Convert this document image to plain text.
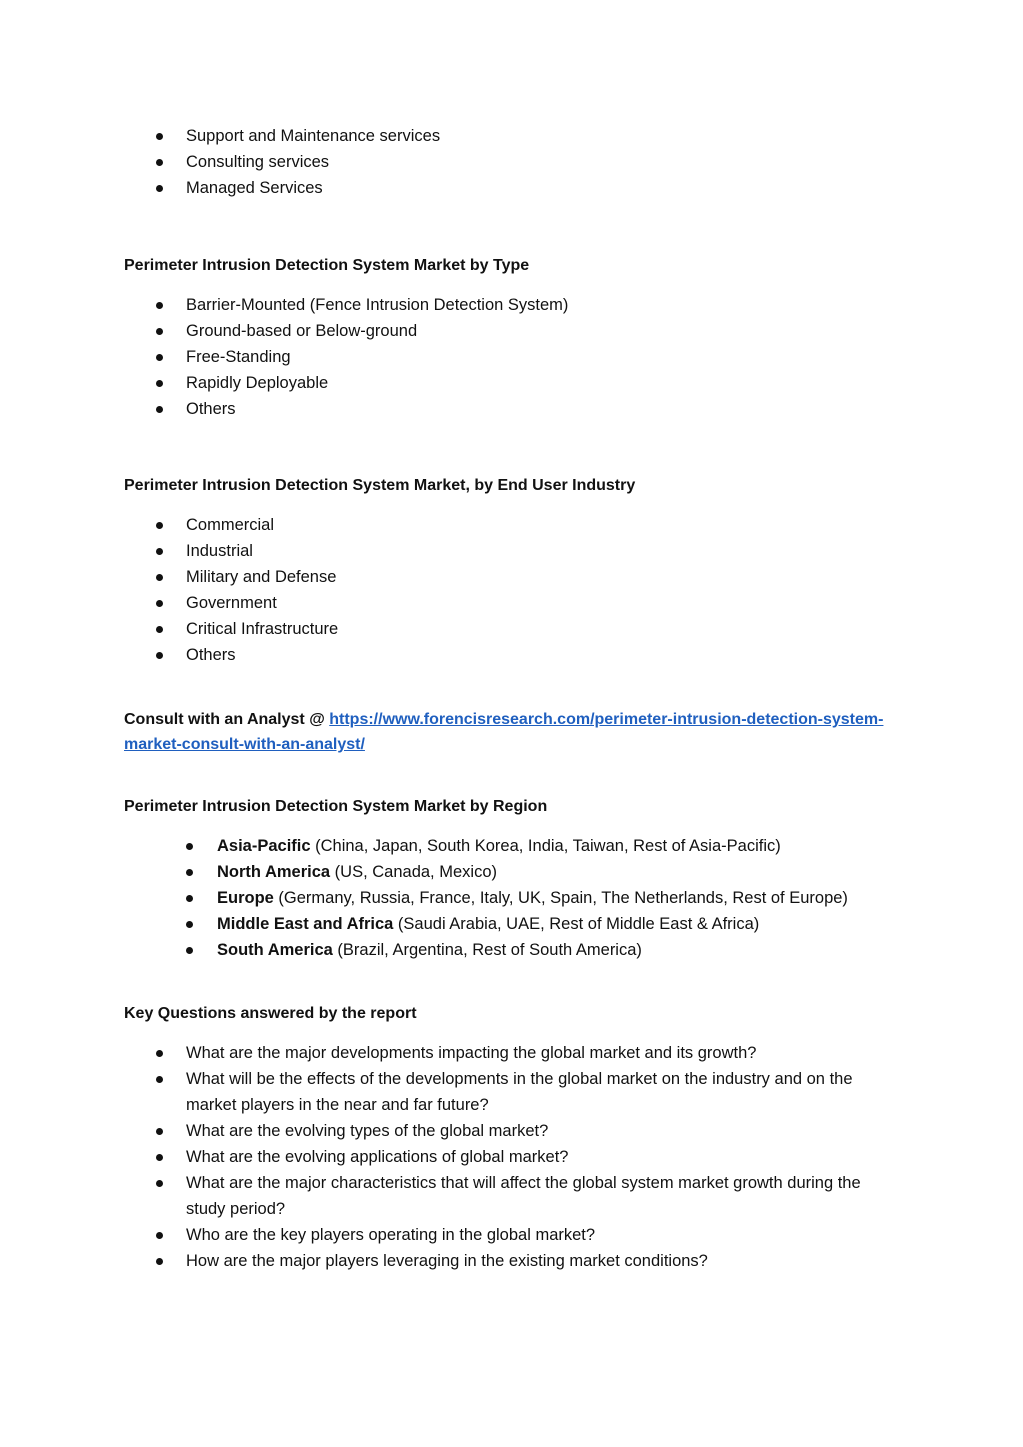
Support and Maintenance services
Consulting services
Managed Services
Perimeter Intrusion Detection System Market by Type
Barrier-Mounted (Fence Intrusion Detection System)
Ground-based or Below-ground
Free-Standing
Rapidly Deployable
Others
Perimeter Intrusion Detection System Market, by End User Industry
Commercial
Industrial
Military and Defense
Government
Critical Infrastructure
Others

Consult with an Analyst @ https://www.forencisresearch.com/perimeter-intrusion-detection-system-market-consult-with-an-analyst/

Perimeter Intrusion Detection System Market by Region
Asia-Pacific (China, Japan, South Korea, India, Taiwan, Rest of Asia-Pacific)
North America (US, Canada, Mexico)
Europe (Germany, Russia, France, Italy, UK, Spain, The Netherlands, Rest of Europe)
Middle East and Africa (Saudi Arabia, UAE, Rest of Middle East & Africa)
South America (Brazil, Argentina, Rest of South America)
Key Questions answered by the report
What are the major developments impacting the global market and its growth?
What will be the effects of the developments in the global market on the industry and on the market players in the near and far future?
What are the evolving types of the global market?
What are the evolving applications of global market?
What are the major characteristics that will affect the global system market growth during the study period?
Who are the key players operating in the global market?
How are the major players leveraging in the existing market conditions?
